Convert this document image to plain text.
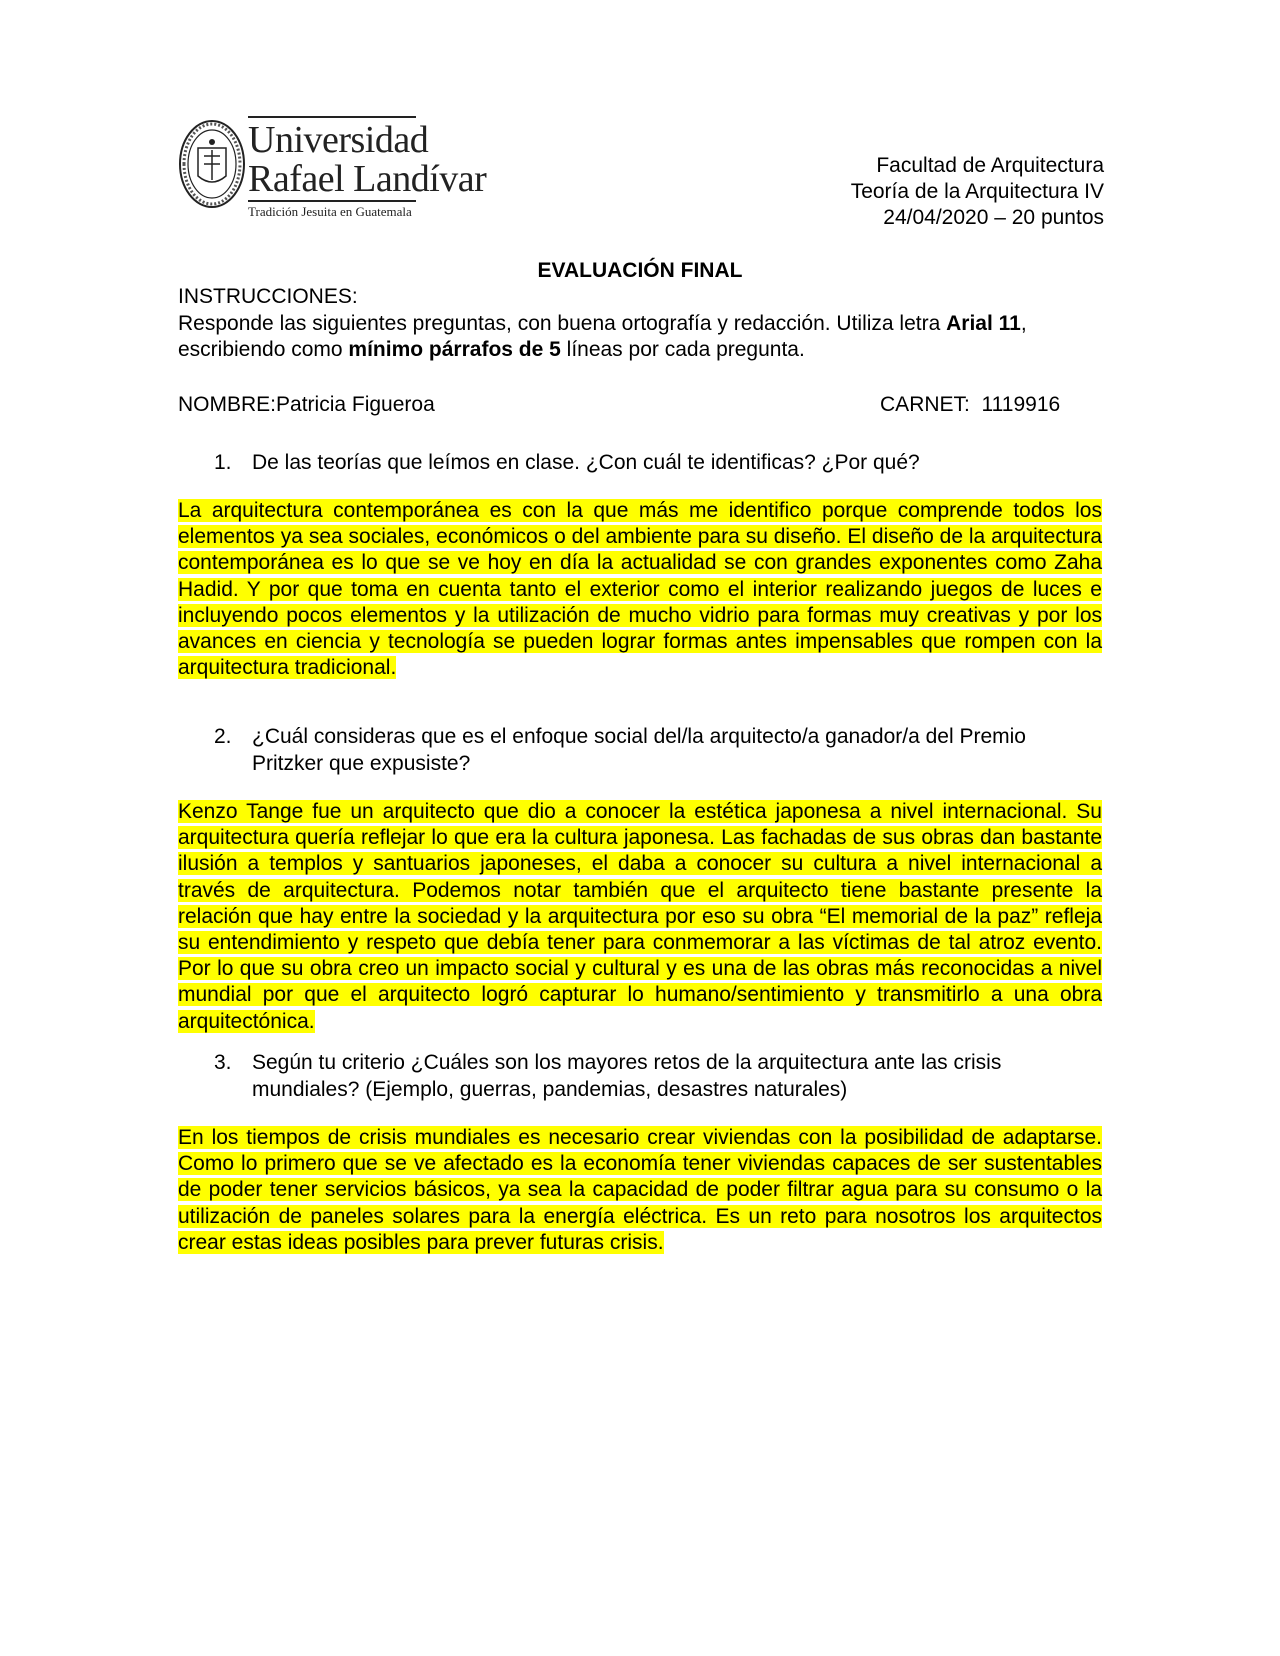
Universidad
Rafael Landívar
Tradición Jesuita en Guatemala
Facultad de Arquitectura
Teoría de la Arquitectura IV
24/04/2020 – 20 puntos
EVALUACIÓN FINAL

INSTRUCCIONES:

Responde las siguientes preguntas, con buena ortografía y redacción. Utiliza letra Arial 11, escribiendo como mínimo párrafos de 5 líneas por cada pregunta.

NOMBRE:Patricia Figueroa	CARNET: 1119916
1. De las teorías que leímos en clase. ¿Con cuál te identificas? ¿Por qué?
La arquitectura contemporánea es con la que más me identifico porque comprende todos los elementos ya sea sociales, económicos o del ambiente para su diseño. El diseño de la arquitectura contemporánea es lo que se ve hoy en día la actualidad se con grandes exponentes como Zaha Hadid. Y por que toma en cuenta tanto el exterior como el interior realizando juegos de luces e incluyendo pocos elementos y la utilización de mucho vidrio para formas muy creativas y por los avances en ciencia y tecnología se pueden lograr formas antes impensables que rompen con la arquitectura tradicional.
2. ¿Cuál consideras que es el enfoque social del/la arquitecto/a ganador/a del Premio Pritzker que expusiste?
Kenzo Tange fue un arquitecto que dio a conocer la estética japonesa a nivel internacional. Su arquitectura quería reflejar lo que era la cultura japonesa. Las fachadas de sus obras dan bastante ilusión a templos y santuarios japoneses, el daba a conocer su cultura a nivel internacional a través de arquitectura. Podemos notar también que el arquitecto tiene bastante presente la relación que hay entre la sociedad y la arquitectura por eso su obra “El memorial de la paz” refleja su entendimiento y respeto que debía tener para conmemorar a las víctimas de tal atroz evento. Por lo que su obra creo un impacto social y cultural y es una de las obras más reconocidas a nivel mundial por que el arquitecto logró capturar lo humano/sentimiento y transmitirlo a una obra arquitectónica.
3. Según tu criterio ¿Cuáles son los mayores retos de la arquitectura ante las crisis mundiales? (Ejemplo, guerras, pandemias, desastres naturales)
En los tiempos de crisis mundiales es necesario crear viviendas con la posibilidad de adaptarse. Como lo primero que se ve afectado es la economía tener viviendas capaces de ser sustentables de poder tener servicios básicos, ya sea la capacidad de poder filtrar agua para su consumo o la utilización de paneles solares para la energía eléctrica. Es un reto para nosotros los arquitectos crear estas ideas posibles para prever futuras crisis.
